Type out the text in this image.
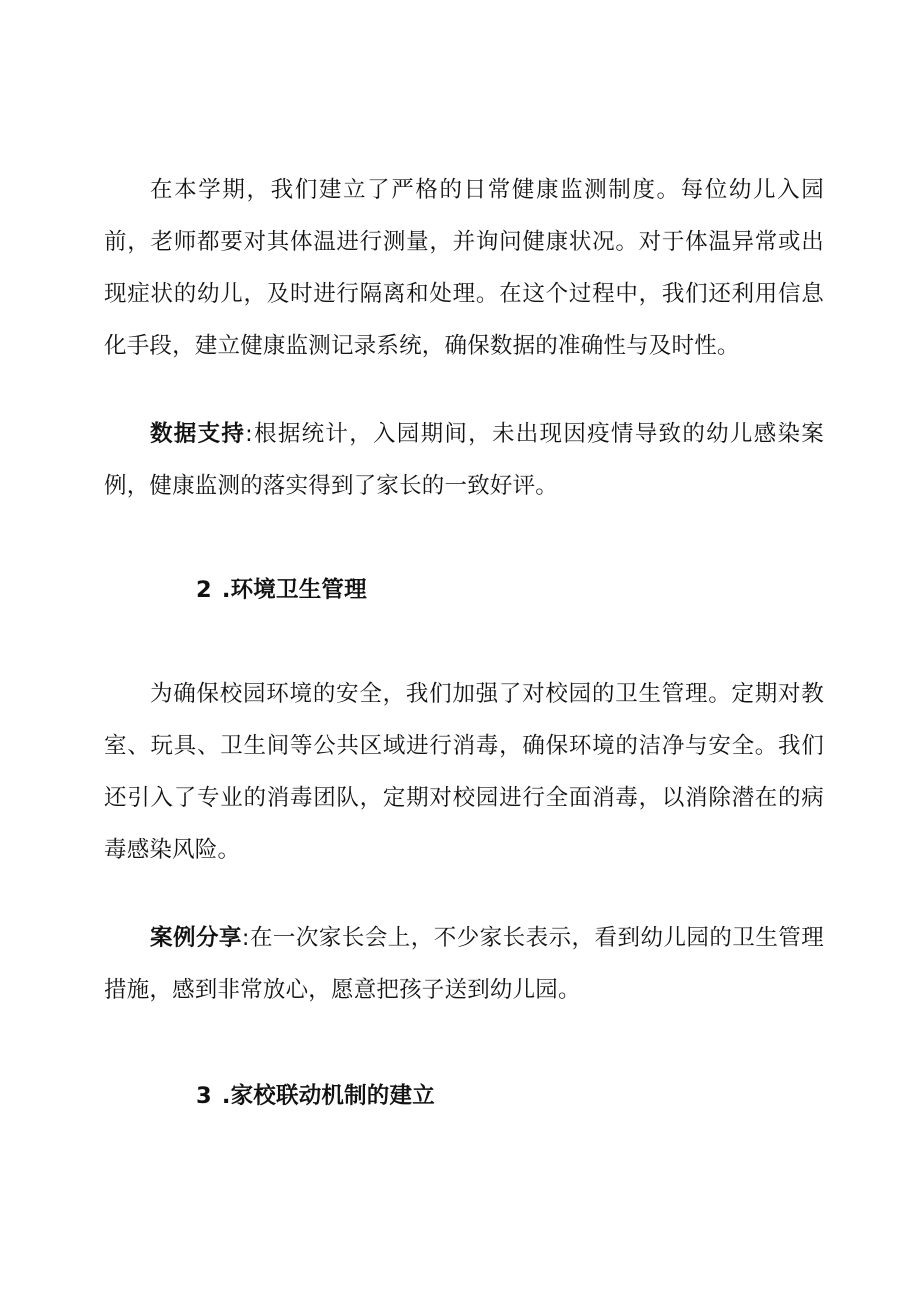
在本学期，我们建立了严格的日常健康监测制度。每位幼儿入园前，老师都要对其体温进行测量，并询问健康状况。对于体温异常或出现症状的幼儿，及时进行隔离和处理。在这个过程中，我们还利用信息化手段，建立健康监测记录系统，确保数据的准确性与及时性。

数据支持:根据统计，入园期间，未出现因疫情导致的幼儿感染案例，健康监测的落实得到了家长的一致好评。

2 .环境卫生管理

为确保校园环境的安全，我们加强了对校园的卫生管理。定期对教室、玩具、卫生间等公共区域进行消毒，确保环境的洁净与安全。我们还引入了专业的消毒团队，定期对校园进行全面消毒，以消除潜在的病毒感染风险。

案例分享:在一次家长会上，不少家长表示，看到幼儿园的卫生管理措施，感到非常放心，愿意把孩子送到幼儿园。

3 .家校联动机制的建立
